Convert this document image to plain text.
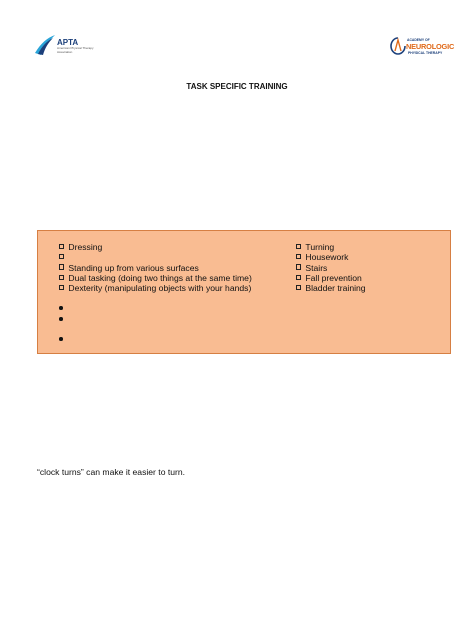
APTA
American Physical Therapy Association
ACADEMY OF
NEUROLOGIC
PHYSICAL THERAPY
TASK SPECIFIC TRAINING
Dressing
Standing up from various surfaces
Dual tasking (doing two things at the same time)
Dexterity (manipulating objects with your hands)
Turning
Housework
Stairs
Fall prevention
Bladder training
“clock turns” can make it easier to turn.
